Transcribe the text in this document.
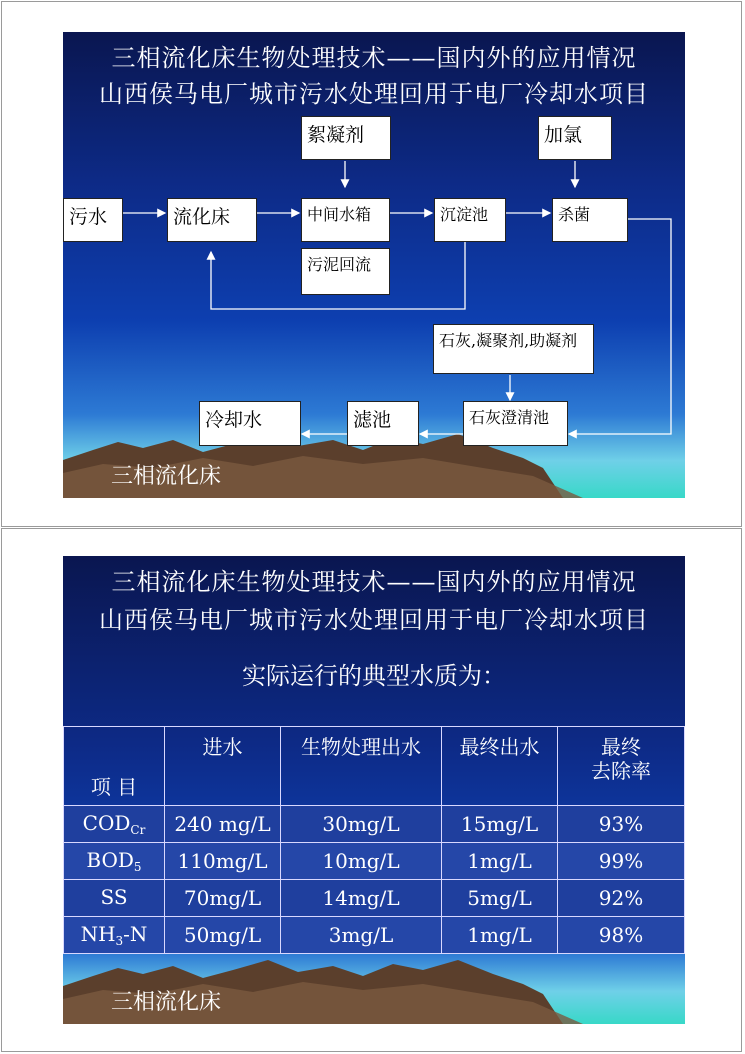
三相流化床生物处理技术——国内外的应用情况
山西侯马电厂城市污水处理回用于电厂冷却水项目
三相流化床
絮凝剂	加氯
污水	流化床	中间水箱	沉淀池	杀菌
污泥回流
石灰,凝聚剂,助凝剂
石灰澄清池
滤池
冷却水
三相流化床生物处理技术——国内外的应用情况
山西侯马电厂城市污水处理回用于电厂冷却水项目
实际运行的典型水质为：
项 目	进水	生物处理出水	最终出水	最终
去除率
$COD_{Cr}$	240 mg/L	30mg/L	15mg/L	93%
$BOD_5$	110mg/L	10mg/L	1mg/L	99%
SS	70mg/L	14mg/L	5mg/L	92%
$NH_3-N$	50mg/L	3mg/L	1mg/L	98%
三相流化床
